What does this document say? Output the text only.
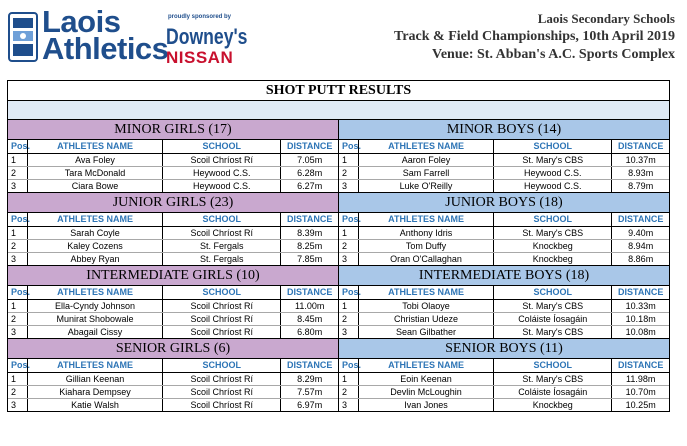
Laois
Athletics
proudly sponsored by
Downey's
NISSAN
Laois Secondary Schools
Track & Field Championships, 10th April 2019
Venue: St. Abban's A.C. Sports Complex
SHOT PUTT RESULTS
MINOR GIRLS (17)
Pos.	ATHLETES NAME	SCHOOL	DISTANCE
1	Ava Foley	Scoil Chríost Rí	7.05m
2	Tara McDonald	Heywood C.S.	6.28m
3	Ciara Bowe	Heywood C.S.	6.27m
MINOR BOYS (14)
Pos.	ATHLETES NAME	SCHOOL	DISTANCE
1	Aaron Foley	St. Mary's CBS	10.37m
2	Sam Farrell	Heywood C.S.	8.93m
3	Luke O'Reilly	Heywood C.S.	8.79m
JUNIOR GIRLS (23)
Pos.	ATHLETES NAME	SCHOOL	DISTANCE
1	Sarah Coyle	Scoil Chríost Rí	8.39m
2	Kaley Cozens	St. Fergals	8.25m
3	Abbey Ryan	St. Fergals	7.85m
JUNIOR BOYS (18)
Pos.	ATHLETES NAME	SCHOOL	DISTANCE
1	Anthony Idris	St. Mary's CBS	9.40m
2	Tom Duffy	Knockbeg	8.94m
3	Oran O'Callaghan	Knockbeg	8.86m
INTERMEDIATE GIRLS (10)
Pos.	ATHLETES NAME	SCHOOL	DISTANCE
1	Ella-Cyndy Johnson	Scoil Chríost Rí	11.00m
2	Munirat Shobowale	Scoil Chríost Rí	8.45m
3	Abagail Cissy	Scoil Chríost Rí	6.80m
INTERMEDIATE BOYS (18)
Pos.	ATHLETES NAME	SCHOOL	DISTANCE
1	Tobi Olaoye	St. Mary's CBS	10.33m
2	Christian Udeze	Coláiste Íosagáin	10.18m
3	Sean Gilbather	St. Mary's CBS	10.08m
SENIOR GIRLS (6)
Pos.	ATHLETES NAME	SCHOOL	DISTANCE
1	Gillian Keenan	Scoil Chríost Rí	8.29m
2	Kiahara Dempsey	Scoil Chríost Rí	7.57m
3	Katie Walsh	Scoil Chríost Rí	6.97m
SENIOR BOYS (11)
Pos.	ATHLETES NAME	SCHOOL	DISTANCE
1	Eoin Keenan	St. Mary's CBS	11.98m
2	Devlin McLoughin	Coláiste Íosagáin	10.70m
3	Ivan Jones	Knockbeg	10.25m
